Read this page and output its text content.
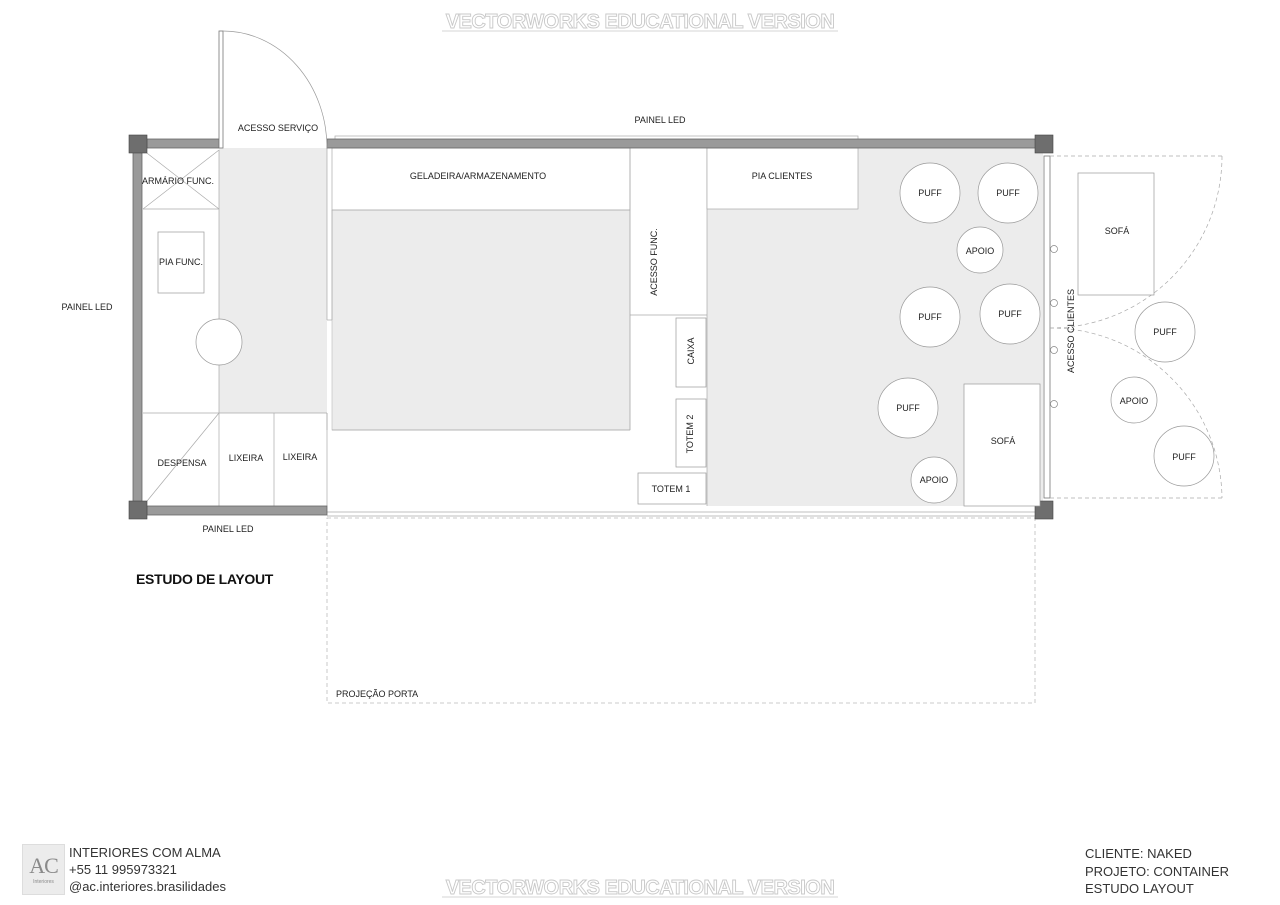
VECTORWORKS EDUCATIONAL VERSION
VECTORWORKS EDUCATIONAL VERSION
PROJEÇÃO PORTA
ACESSO SERVIÇO
PAINEL LED
PAINEL LED
PAINEL LED
ARMÁRIO FUNC.	GELADEIRA/ARMAZENAMENTO	PIA CLIENTES
PIA FUNC.	ACESSO FUNC.
CAIXA
TOTEM 2
TOTEM 1
DESPENSA LIXEIRA LIXEIRA
PUFF	PUFF
APOIO
PUFF	PUFF
PUFF
APOIO
SOFÁ
SOFÁ
PUFF
APOIO
PUFF
ACESSO CLIENTES
ESTUDO DE LAYOUT
AC
Interiores
INTERIORES COM ALMA
+55 11 995973321
@ac.interiores.brasilidades
CLIENTE: NAKED
PROJETO: CONTAINER
ESTUDO LAYOUT
